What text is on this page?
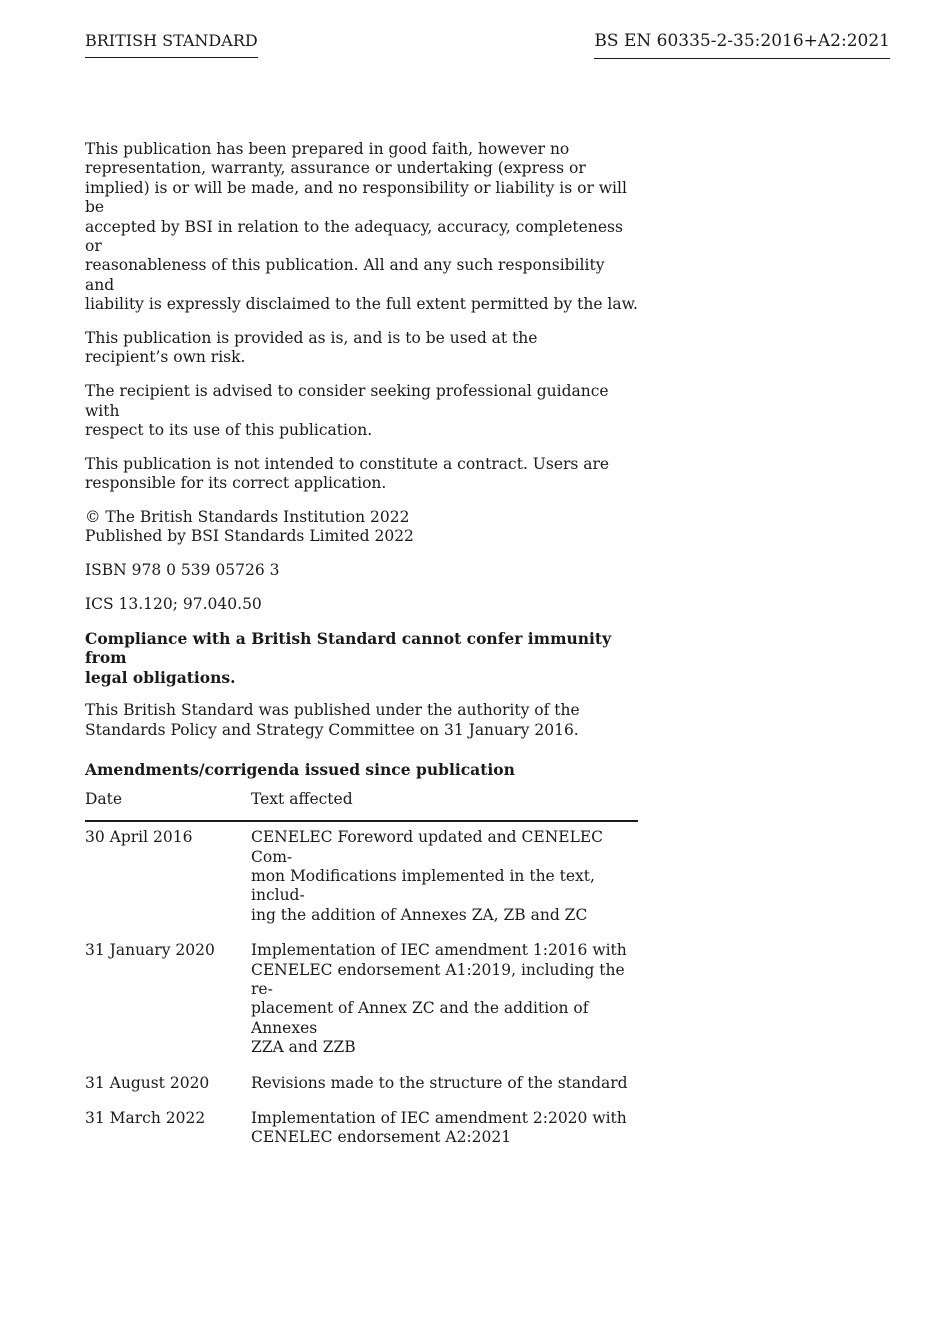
BRITISH STANDARD	BS EN 60335-2-35:2016+A2:2021

This publication has been prepared in good faith, however no
representation, warranty, assurance or undertaking (express or
implied) is or will be made, and no responsibility or liability is or will be
accepted by BSI in relation to the adequacy, accuracy, completeness or
reasonableness of this publication. All and any such responsibility and
liability is expressly disclaimed to the full extent permitted by the law.

This publication is provided as is, and is to be used at the
recipient’s own risk.

The recipient is advised to consider seeking professional guidance with
respect to its use of this publication.

This publication is not intended to constitute a contract. Users are
responsible for its correct application.

© The British Standards Institution 2022
Published by BSI Standards Limited 2022

ISBN 978 0 539 05726 3

ICS 13.120; 97.040.50

Compliance with a British Standard cannot confer immunity from
legal obligations.

This British Standard was published under the authority of the
Standards Policy and Strategy Committee on 31 January 2016.

Amendments/corrigenda issued since publication
Date	Text affected
30 April 2016	CENELEC Foreword updated and CENELEC Com-
mon Modifications implemented in the text, includ-
ing the addition of Annexes ZA, ZB and ZC

31 January 2020	Implementation of IEC amendment 1:2016 with
CENELEC endorsement A1:2019, including the re-
placement of Annex ZC and the addition of Annexes
ZZA and ZZB

31 August 2020	Revisions made to the structure of the standard

31 March 2022	Implementation of IEC amendment 2:2020 with
CENELEC endorsement A2:2021
